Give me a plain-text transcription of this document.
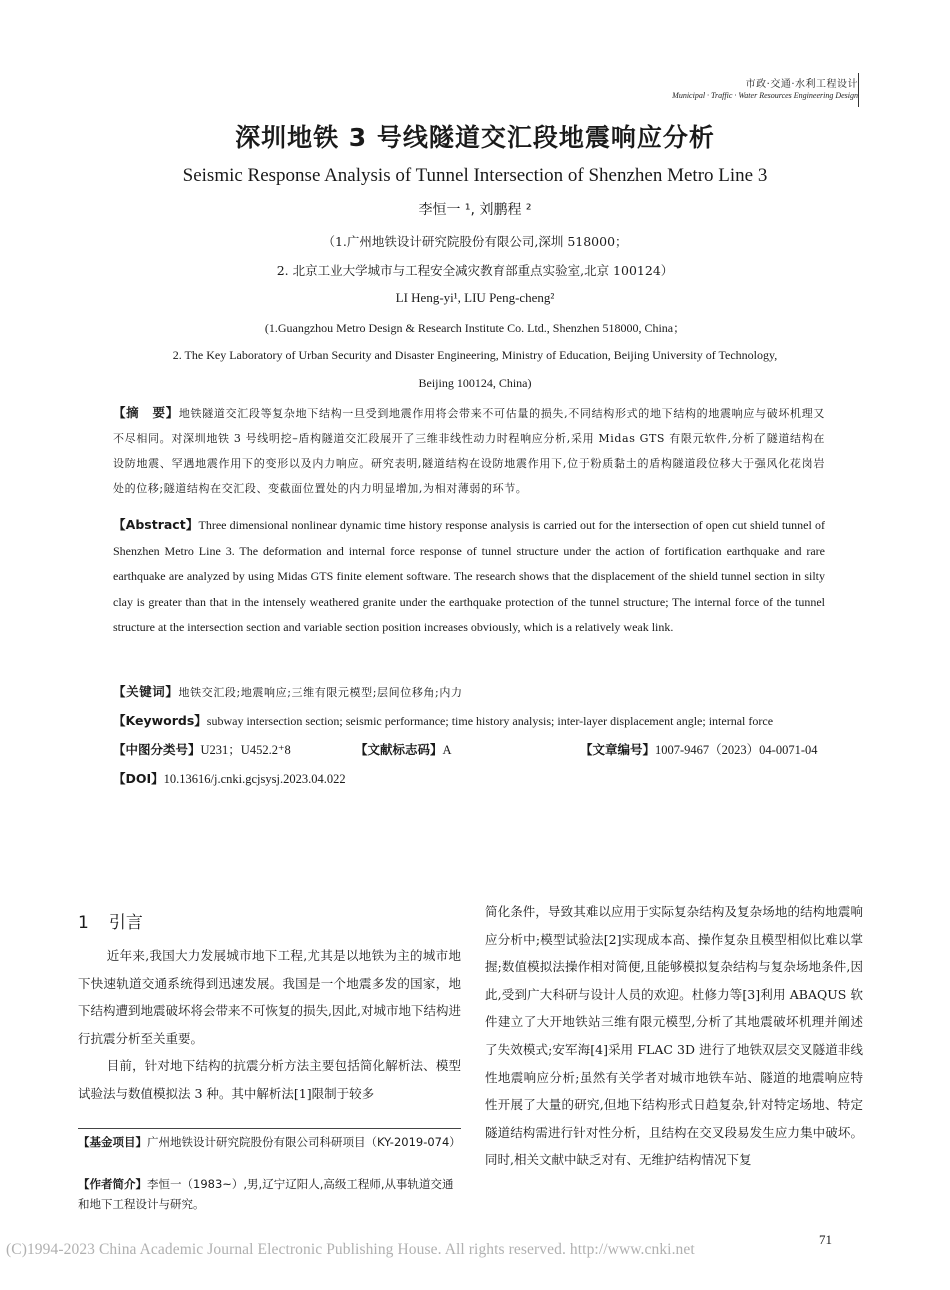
市政·交通·水利工程设计
Municipal · Traffic · Water Resources Engineering Design
深圳地铁 3 号线隧道交汇段地震响应分析
Seismic Response Analysis of Tunnel Intersection of Shenzhen Metro Line 3
李恒一 ¹, 刘鹏程 ²
（1.广州地铁设计研究院股份有限公司,深圳 518000；
2. 北京工业大学城市与工程安全减灾教育部重点实验室,北京 100124）
LI Heng-yi¹, LIU Peng-cheng²
(1.Guangzhou Metro Design & Research Institute Co. Ltd., Shenzhen 518000, China；
2. The Key Laboratory of Urban Security and Disaster Engineering, Ministry of Education, Beijing University of Technology,
Beijing 100124, China)
【摘　要】地铁隧道交汇段等复杂地下结构一旦受到地震作用将会带来不可估量的损失,不同结构形式的地下结构的地震响应与破坏机理又不尽相同。对深圳地铁 3 号线明挖–盾构隧道交汇段展开了三维非线性动力时程响应分析,采用 Midas GTS 有限元软件,分析了隧道结构在设防地震、罕遇地震作用下的变形以及内力响应。研究表明,隧道结构在设防地震作用下,位于粉质黏土的盾构隧道段位移大于强风化花岗岩处的位移;隧道结构在交汇段、变截面位置处的内力明显增加,为相对薄弱的环节。
【Abstract】Three dimensional nonlinear dynamic time history response analysis is carried out for the intersection of open cut shield tunnel of Shenzhen Metro Line 3. The deformation and internal force response of tunnel structure under the action of fortification earthquake and rare earthquake are analyzed by using Midas GTS finite element software. The research shows that the displacement of the shield tunnel section in silty clay is greater than that in the intensely weathered granite under the earthquake protection of the tunnel structure; The internal force of the tunnel structure at the intersection section and variable section position increases obviously, which is a relatively weak link.
【关键词】地铁交汇段;地震响应;三维有限元模型;层间位移角;内力
【Keywords】subway intersection section; seismic performance; time history analysis; inter-layer displacement angle; internal force
【中图分类号】U231；U452.2⁺8	【文献标志码】A	【文章编号】1007-9467（2023）04-0071-04
【DOI】10.13616/j.cnki.gcjsysj.2023.04.022
1 引言

近年来,我国大力发展城市地下工程,尤其是以地铁为主的城市地下快速轨道交通系统得到迅速发展。我国是一个地震多发的国家，地下结构遭到地震破坏将会带来不可恢复的损失,因此,对城市地下结构进行抗震分析至关重要。

目前，针对地下结构的抗震分析方法主要包括简化解析法、模型试验法与数值模拟法 3 种。其中解析法[1]限制于较多

简化条件，导致其难以应用于实际复杂结构及复杂场地的结构地震响应分析中;模型试验法[2]实现成本高、操作复杂且模型相似比难以掌握;数值模拟法操作相对简便,且能够模拟复杂结构与复杂场地条件,因此,受到广大科研与设计人员的欢迎。杜修力等[3]利用 ABAQUS 软件建立了大开地铁站三维有限元模型,分析了其地震破坏机理并阐述了失效模式;安军海[4]采用 FLAC 3D 进行了地铁双层交叉隧道非线性地震响应分析;虽然有关学者对城市地铁车站、隧道的地震响应特性开展了大量的研究,但地下结构形式日趋复杂,针对特定场地、特定隧道结构需进行针对性分析，且结构在交叉段易发生应力集中破坏。同时,相关文献中缺乏对有、无维护结构情况下复

【基金项目】广州地铁设计研究院股份有限公司科研项目（KY-2019-074）
【作者简介】李恒一（1983~）,男,辽宁辽阳人,高级工程师,从事轨道交通和地下工程设计与研究。
71
(C)1994-2023 China Academic Journal Electronic Publishing House. All rights reserved. http://www.cnki.net
